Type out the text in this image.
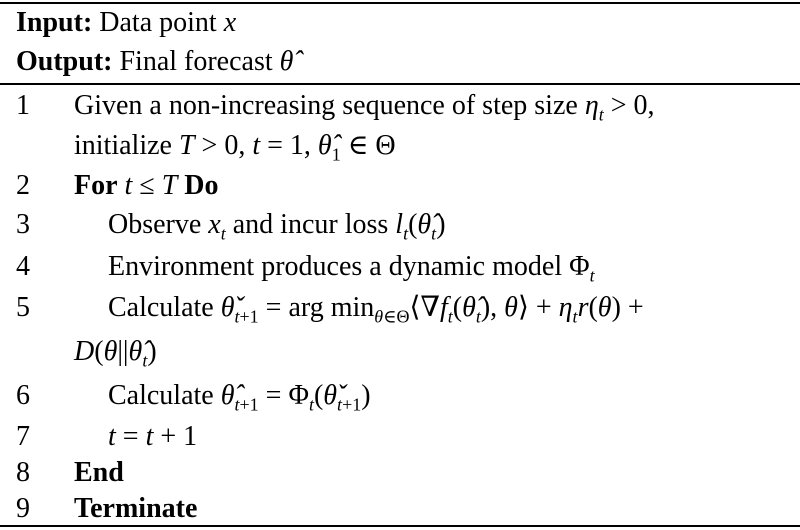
Input: Data point x
Output: Final forecast θ̂
1 Given a non-increasing sequence of step size $\eta_t > 0$,
initialize T > 0, t = 1, $\thetâ_1$ ∈ Θ
2 For t ≤ T Do
3	Observe $x_t$ and incur loss $l_t(\thetâ_t)$
4	Environment produces a dynamic model $\Phi_t$
5	Calculate $\thetǎ_{t+1}$ = arg $\min_{\theta\in\Theta}⟨\nabla f_t(\thetâ_t)$, θ⟩ + $\eta_tr(\theta)$ +
$D(\theta||\thetâ_t)$
6	Calculate $\thetâ_{t+1}$ = $\Phi_t(\thetǎ_{t+1})$
7	t = t + 1
8 End
9 Terminate
